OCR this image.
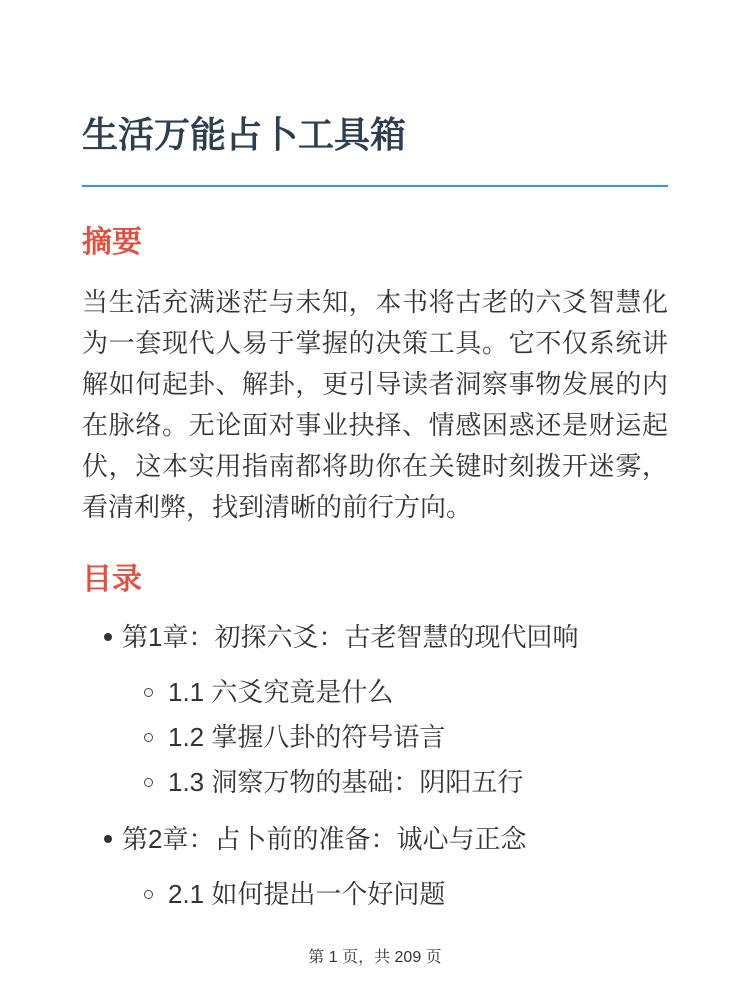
生活万能占卜工具箱
摘要

当生活充满迷茫与未知，本书将古老的六爻智慧化为一套现代人易于掌握的决策工具。它不仅系统讲解如何起卦、解卦，更引导读者洞察事物发展的内在脉络。无论面对事业抉择、情感困惑还是财运起伏，这本实用指南都将助你在关键时刻拨开迷雾，看清利弊，找到清晰的前行方向。

目录
第1章：初探六爻：古老智慧的现代回响
1.1 六爻究竟是什么
1.2 掌握八卦的符号语言
1.3 洞察万物的基础：阴阳五行
第2章：占卜前的准备：诚心与正念
2.1 如何提出一个好问题
第 1 页，共 209 页
